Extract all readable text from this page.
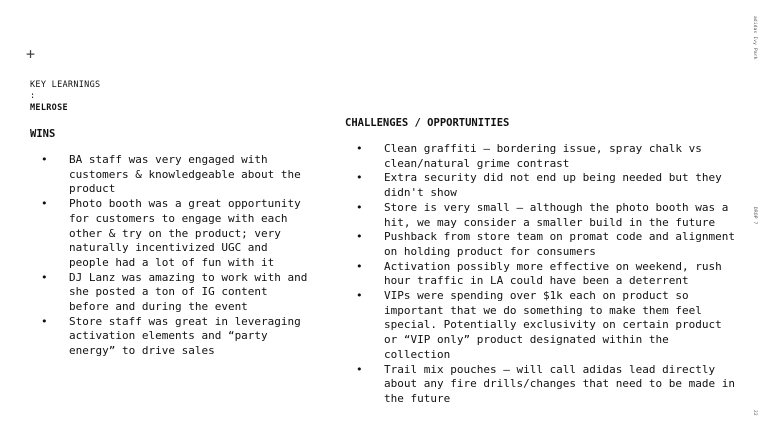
+
KEY LEARNINGS
:
MELROSE
WINS
• BA staff was very engaged with customers & knowledgeable about the product
• Photo booth was a great opportunity for customers to engage with each other & try on the product; very naturally incentivized UGC and people had a lot of fun with it
• DJ Lanz was amazing to work with and she posted a ton of IG content before and during the event
• Store staff was great in leveraging activation elements and “party energy” to drive sales
CHALLENGES / OPPORTUNITIES
• Clean graffiti – bordering issue, spray chalk vs clean/natural grime contrast
• Extra security did not end up being needed but they didn't show
• Store is very small – although the photo booth was a hit, we may consider a smaller build in the future
• Pushback from store team on promat code and alignment on holding product for consumers
• Activation possibly more effective on weekend, rush hour traffic in LA could have been a deterrent
• VIPs were spending over $1k each on product so important that we do something to make them feel special. Potentially exclusivity on certain product or “VIP only” product designated within the collection
• Trail mix pouches – will call adidas lead directly about any fire drills/changes that need to be made in the future
adidas Ivy Park
DROP 7
22
